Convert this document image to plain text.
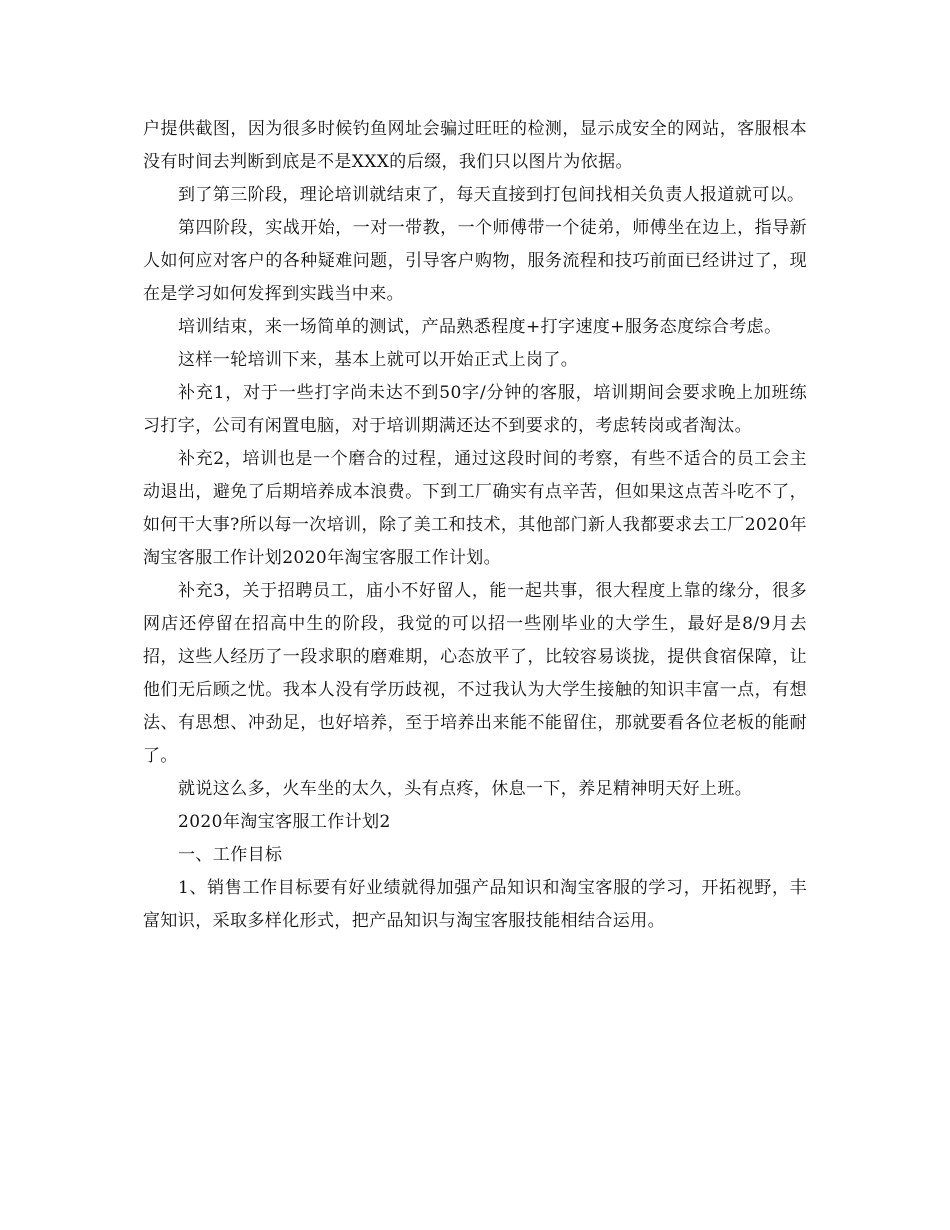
户提供截图，因为很多时候钓鱼网址会骗过旺旺的检测，显示成安全的网站，客服根本没有时间去判断到底是不是XXX的后缀，我们只以图片为依据。

到了第三阶段，理论培训就结束了，每天直接到打包间找相关负责人报道就可以。

第四阶段，实战开始，一对一带教，一个师傅带一个徒弟，师傅坐在边上，指导新人如何应对客户的各种疑难问题，引导客户购物，服务流程和技巧前面已经讲过了，现在是学习如何发挥到实践当中来。

培训结束，来一场简单的测试，产品熟悉程度+打字速度+服务态度综合考虑。

这样一轮培训下来，基本上就可以开始正式上岗了。

补充1，对于一些打字尚未达不到50字/分钟的客服，培训期间会要求晚上加班练习打字，公司有闲置电脑，对于培训期满还达不到要求的，考虑转岗或者淘汰。

补充2，培训也是一个磨合的过程，通过这段时间的考察，有些不适合的员工会主动退出，避免了后期培养成本浪费。下到工厂确实有点辛苦，但如果这点苦斗吃不了，如何干大事?所以每一次培训，除了美工和技术，其他部门新人我都要求去工厂2020年淘宝客服工作计划2020年淘宝客服工作计划。

补充3，关于招聘员工，庙小不好留人，能一起共事，很大程度上靠的缘分，很多网店还停留在招高中生的阶段，我觉的可以招一些刚毕业的大学生，最好是8/9月去招，这些人经历了一段求职的磨难期，心态放平了，比较容易谈拢，提供食宿保障，让他们无后顾之忧。我本人没有学历歧视，不过我认为大学生接触的知识丰富一点，有想法、有思想、冲劲足，也好培养，至于培养出来能不能留住，那就要看各位老板的能耐了。

就说这么多，火车坐的太久，头有点疼，休息一下，养足精神明天好上班。

2020年淘宝客服工作计划2

一、工作目标

1、销售工作目标要有好业绩就得加强产品知识和淘宝客服的学习，开拓视野，丰富知识，采取多样化形式，把产品知识与淘宝客服技能相结合运用。
